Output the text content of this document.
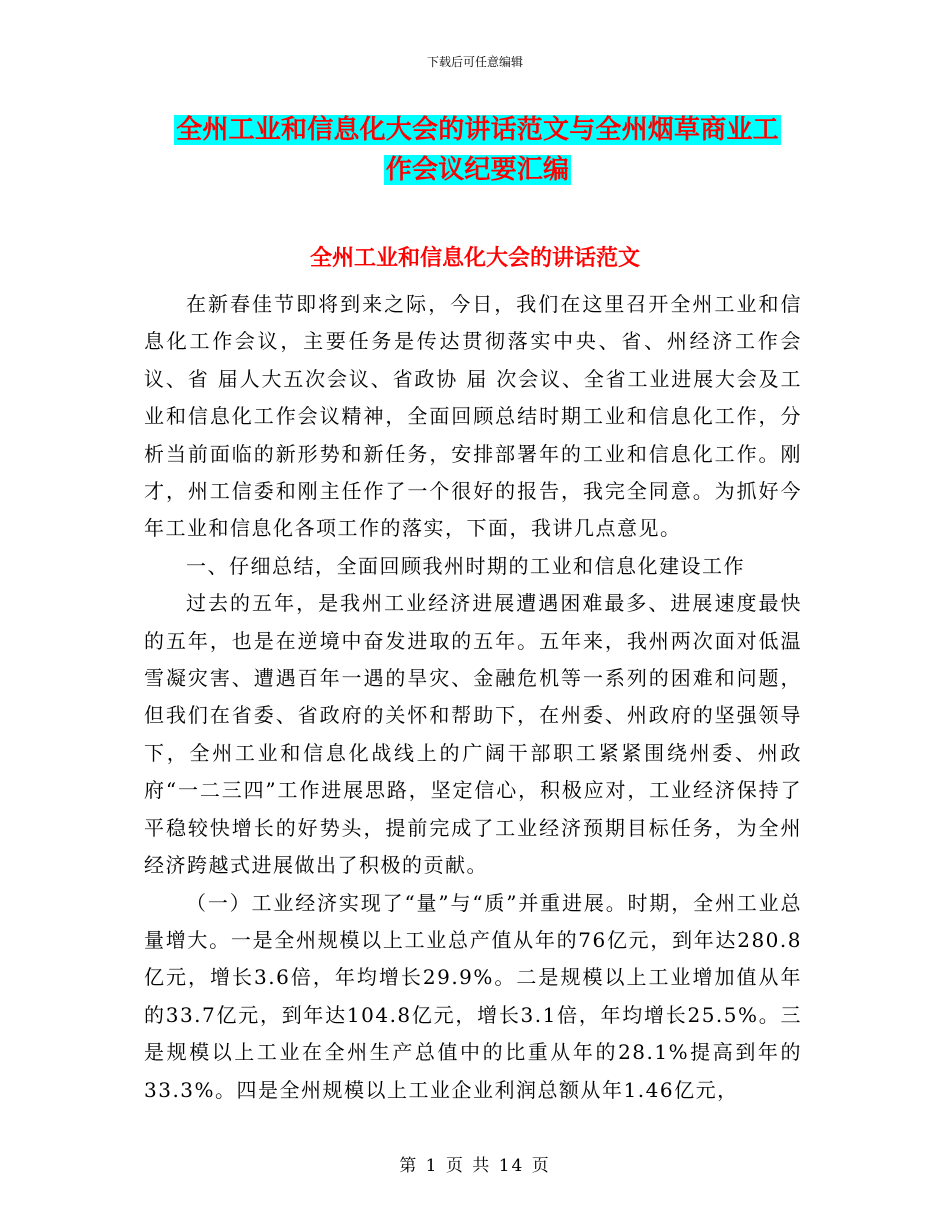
下载后可任意编辑
全州工业和信息化大会的讲话范文与全州烟草商业工
作会议纪要汇编
全州工业和信息化大会的讲话范文

在新春佳节即将到来之际，今日，我们在这里召开全州工业和信息化工作会议，主要任务是传达贯彻落实中央、省、州经济工作会议、省 届人大五次会议、省政协 届 次会议、全省工业进展大会及工业和信息化工作会议精神，全面回顾总结时期工业和信息化工作，分析当前面临的新形势和新任务，安排部署年的工业和信息化工作。刚才，州工信委和刚主任作了一个很好的报告，我完全同意。为抓好今年工业和信息化各项工作的落实，下面，我讲几点意见。

一、仔细总结，全面回顾我州时期的工业和信息化建设工作

过去的五年，是我州工业经济进展遭遇困难最多、进展速度最快的五年，也是在逆境中奋发进取的五年。五年来，我州两次面对低温雪凝灾害、遭遇百年一遇的旱灾、金融危机等一系列的困难和问题，但我们在省委、省政府的关怀和帮助下，在州委、州政府的坚强领导下，全州工业和信息化战线上的广阔干部职工紧紧围绕州委、州政府“一二三四”工作进展思路，坚定信心，积极应对，工业经济保持了平稳较快增长的好势头，提前完成了工业经济预期目标任务，为全州经济跨越式进展做出了积极的贡献。

（一）工业经济实现了“量”与“质”并重进展。时期，全州工业总量增大。一是全州规模以上工业总产值从年的76亿元，到年达280.8亿元，增长3.6倍，年均增长29.9%。二是规模以上工业增加值从年的33.7亿元，到年达104.8亿元，增长3.1倍，年均增长25.5%。三是规模以上工业在全州生产总值中的比重从年的28.1%提高到年的33.3%。四是全州规模以上工业企业利润总额从年1.46亿元，

第 1 页 共 14 页
